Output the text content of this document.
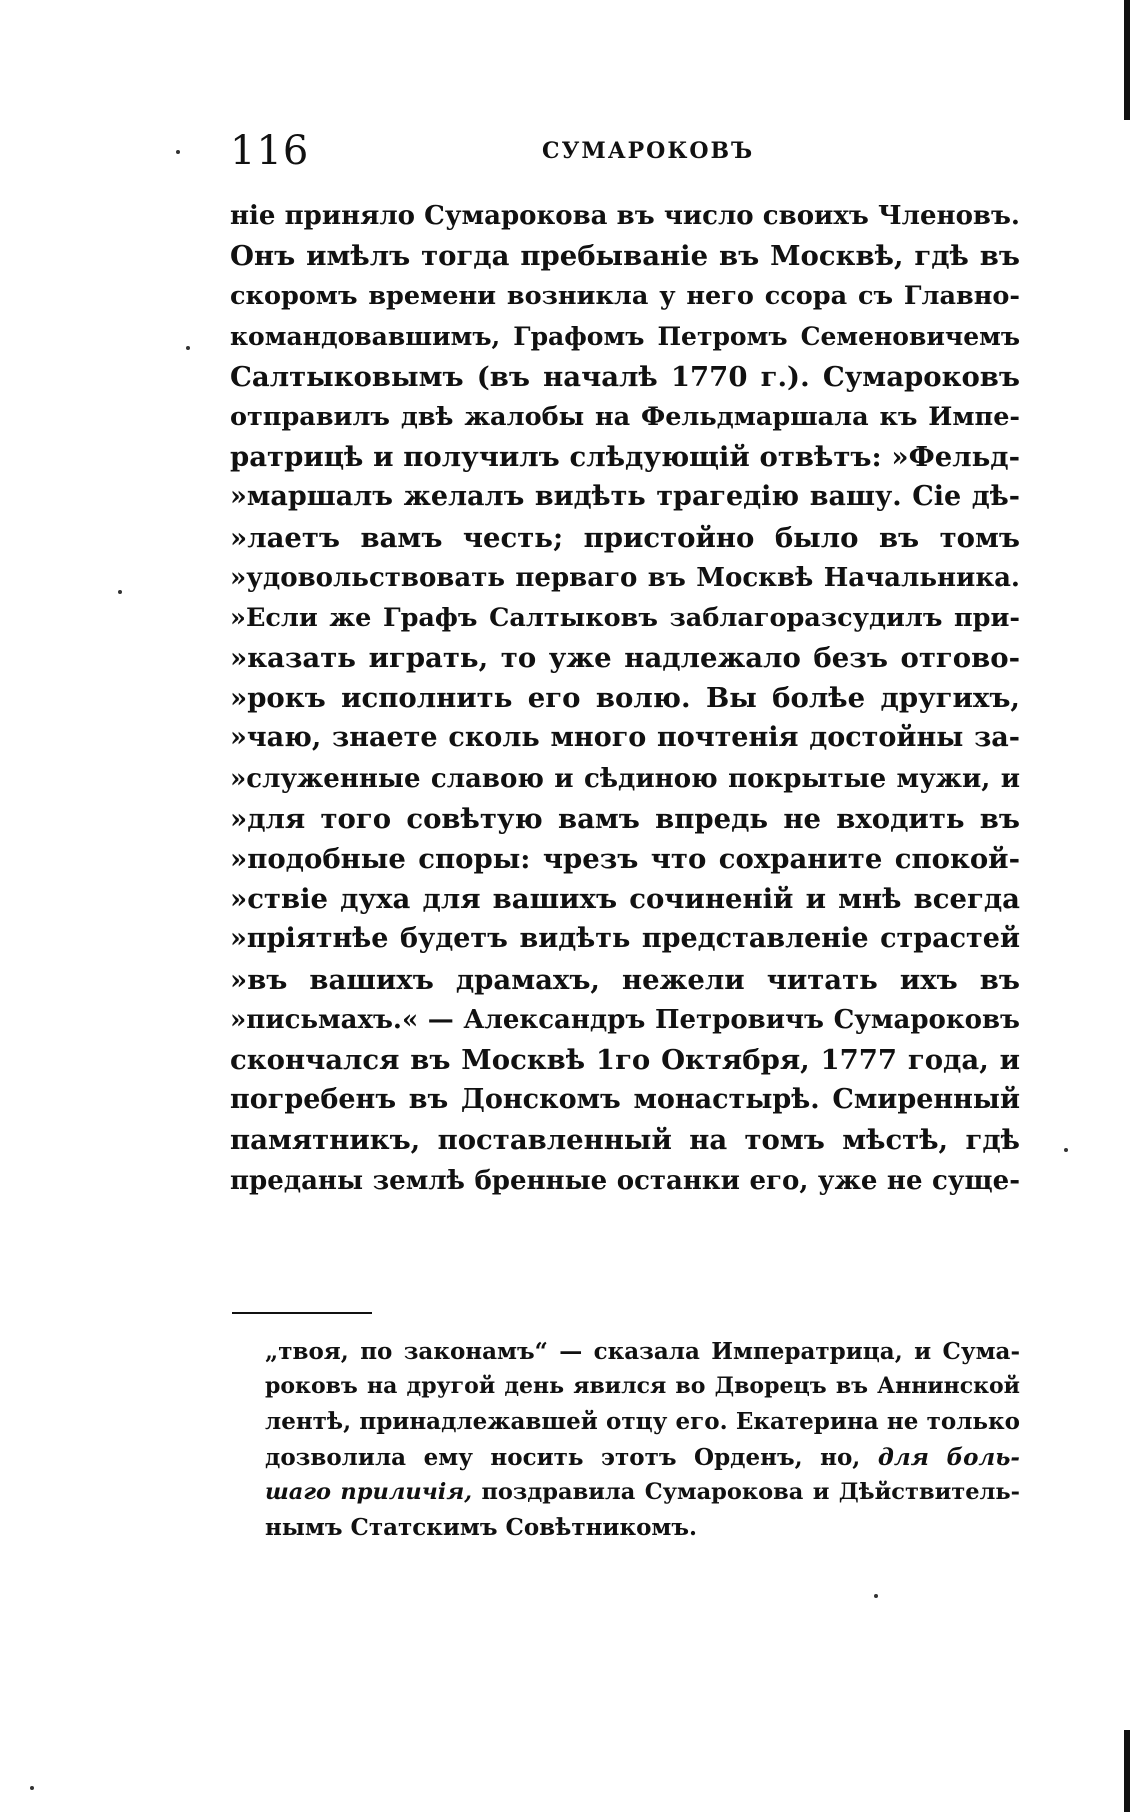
116	СУМАРОКОВЪ
ніе приняло Сумарокова въ число своихъ Членовъ.
Онъ имѣлъ тогда пребываніе въ Москвѣ, гдѣ въ
скоромъ времени возникла у него ссора съ Главно-
командовавшимъ, Графомъ Петромъ Семеновичемъ
Салтыковымъ (въ началѣ 1770 г.). Сумароковъ
отправилъ двѣ жалобы на Фельдмаршала къ Импе-
ратрицѣ и получилъ слѣдующій отвѣтъ: »Фельд-
»маршалъ желалъ видѣть трагедію вашу. Сіе дѣ-
»лаетъ вамъ честь; пристойно было въ томъ
»удовольствовать перваго въ Москвѣ Начальника.
»Если же Графъ Салтыковъ заблагоразсудилъ при-
»казать играть, то уже надлежало безъ отгово-
»рокъ исполнить его волю. Вы болѣе другихъ,
»чаю, знаете сколь много почтенія достойны за-
»служенные славою и сѣдиною покрытые мужи, и
»для того совѣтую вамъ впредь не входить въ
»подобные споры: чрезъ что сохраните спокой-
»ствіе духа для вашихъ сочиненій и мнѣ всегда
»пріятнѣе будетъ видѣть представленіе страстей
»въ вашихъ драмахъ, нежели читать ихъ въ
»письмахъ.« — Александръ Петровичъ Сумароковъ
скончался въ Москвѣ 1го Октября, 1777 года, и
погребенъ въ Донскомъ монастырѣ. Смиренный
памятникъ, поставленный на томъ мѣстѣ, гдѣ
преданы землѣ бренные останки его, уже не суще-
„твоя, по законамъ“ — сказала Императрица, и Сума-
роковъ на другой день явился во Дворецъ въ Аннинской
лентѣ, принадлежавшей отцу его. Екатерина не только
дозволила ему носить этотъ Орденъ, но, для боль-
шаго приличія, поздравила Сумарокова и Дѣйствитель-
нымъ Статскимъ Совѣтникомъ.
